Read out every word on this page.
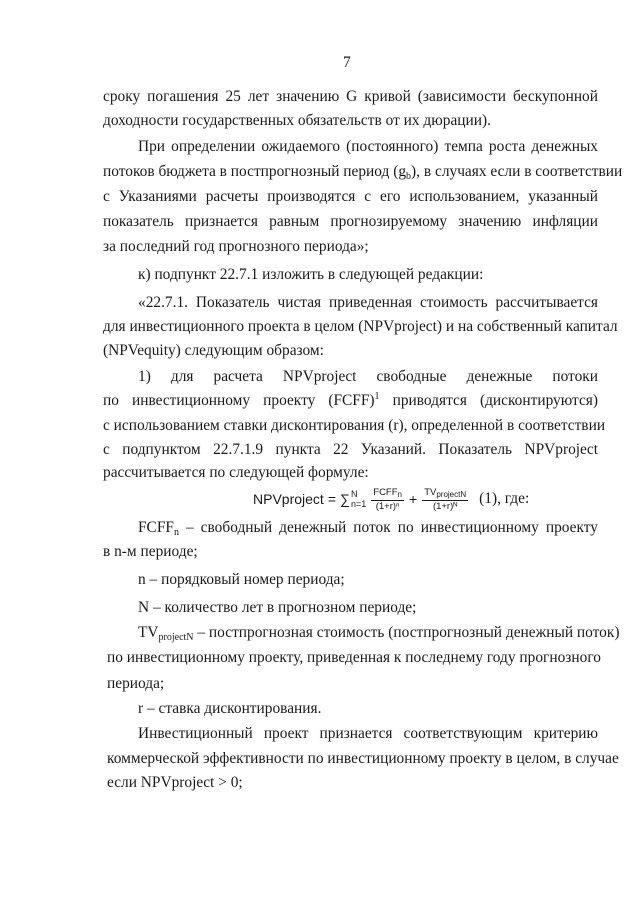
7
сроку погашения 25 лет значению G кривой (зависимости бескупонной
доходности государственных обязательств от их дюрации).
При определении ожидаемого (постоянного) темпа роста денежных
потоков бюджета в постпрогнозный период $(g_b)$, в случаях если в соответствии
с Указаниями расчеты производятся с его использованием, указанный
показатель признается равным прогнозируемому значению инфляции
за последний год прогнозного периода»;
к) подпункт 22.7.1 изложить в следующей редакции:
«22.7.1. Показатель чистая приведенная стоимость рассчитывается
для инвестиционного проекта в целом (NPVproject) и на собственный капитал
(NPVequity) следующим образом:
1) для расчета NPVproject свободные денежные потоки
по инвестиционному проекту (FCFF)$^1$ приводятся (дисконтируются)
с использованием ставки дисконтирования (r), определенной в соответствии
с подпунктом 22.7.1.9 пункта 22 Указаний. Показатель NPVproject
NPVproject = ∑ N
$n=1 \frac{FCFF_n}{\text{(1+r)ⁿ}} + \frac{TV_{projectN}}{\text{(1+r)ᴺ}} (1)$, где:
$FCFF_n$ – свободный денежный поток по инвестиционному проекту
в n-м периоде;
n – порядковый номер периода;
N – количество лет в прогнозном периоде;
$TV_{projectN}$ – постпрогнозная стоимость (постпрогнозный денежный поток)
по инвестиционному проекту, приведенная к последнему году прогнозного
периода;
r – ставка дисконтирования.
Инвестиционный проект признается соответствующим критерию
коммерческой эффективности по инвестиционному проекту в целом, в случае
если NPVproject > 0;
рассчитывается по следующей формуле:
